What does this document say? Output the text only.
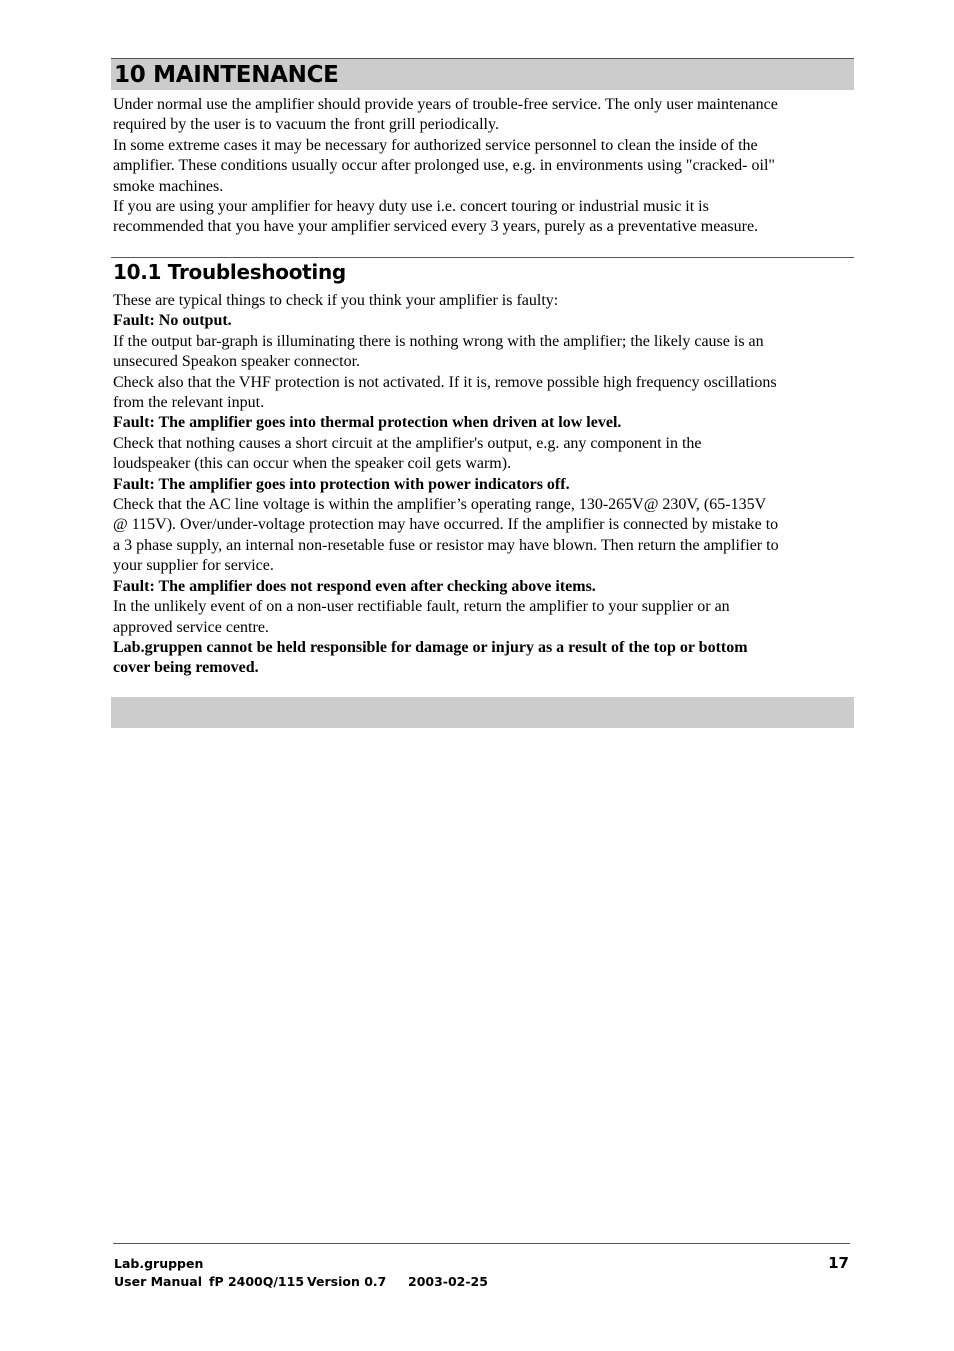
10 MAINTENANCE
Under normal use the amplifier should provide years of trouble-free service. The only user maintenance
required by the user is to vacuum the front grill periodically.
In some extreme cases it may be necessary for authorized service personnel to clean the inside of the
amplifier. These conditions usually occur after prolonged use, e.g. in environments using "cracked- oil"
smoke machines.
If you are using your amplifier for heavy duty use i.e. concert touring or industrial music it is
recommended that you have your amplifier serviced every 3 years, purely as a preventative measure.
10.1 Troubleshooting
These are typical things to check if you think your amplifier is faulty:
Fault: No output.
If the output bar-graph is illuminating there is nothing wrong with the amplifier; the likely cause is an
unsecured Speakon speaker connector.
Check also that the VHF protection is not activated. If it is, remove possible high frequency oscillations
from the relevant input.
Fault: The amplifier goes into thermal protection when driven at low level.
Check that nothing causes a short circuit at the amplifier's output, e.g. any component in the
loudspeaker (this can occur when the speaker coil gets warm).
Fault: The amplifier goes into protection with power indicators off.
Check that the AC line voltage is within the amplifier’s operating range, 130-265V@ 230V, (65-135V
@ 115V). Over/under-voltage protection may have occurred. If the amplifier is connected by mistake to
a 3 phase supply, an internal non-resetable fuse or resistor may have blown. Then return the amplifier to
your supplier for service.
Fault: The amplifier does not respond even after checking above items.
In the unlikely event of on a non-user rectifiable fault, return the amplifier to your supplier or an
approved service centre.
Lab.gruppen cannot be held responsible for damage or injury as a result of the top or bottom
cover being removed.
Lab.gruppen
User Manual fP 2400Q/115 Version 0.7 2003-02-25
17
